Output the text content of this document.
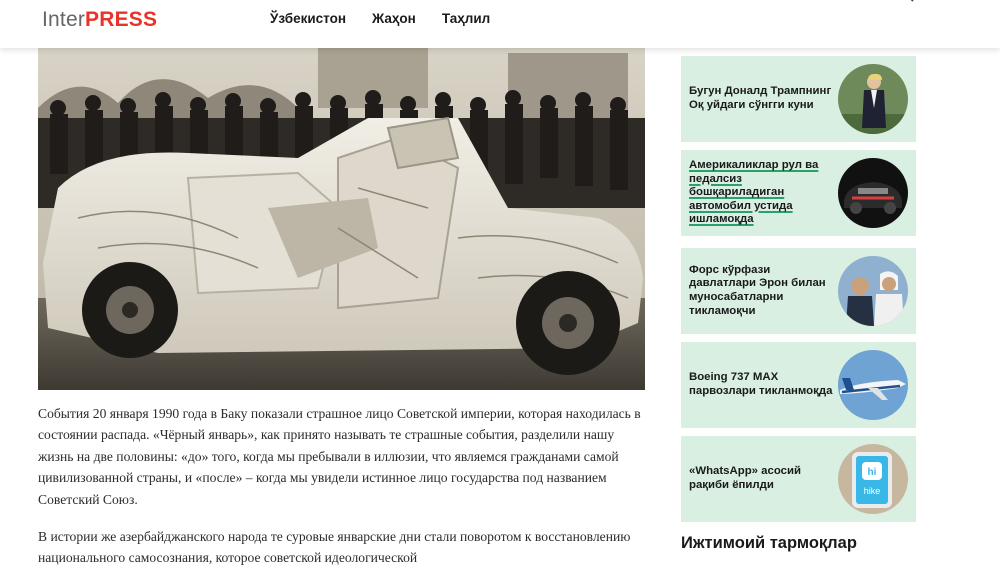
InterPRESS	Ўзбекистон Жаҳон Таҳлил

События 20 января 1990 года в Баку показали страшное лицо Советской империи, которая находилась в состоянии распада. «Чёрный январь», как принято называть те страшные события, разделили нашу жизнь на две половины: «до» того, когда мы пребывали в иллюзии, что являемся гражданами самой цивилизованной страны, и «после» – когда мы увидели истинное лицо государства под названием Советский Союз.

В истории же азербайджанского народа те суровые январские дни стали поворотом к восстановлению национального самосознания, которое советской идеологической

Бугун Доналд Трампнинг Оқ уйдаги сўнгги куни
Америкаликлар рул ва педалсиз бошқариладиган автомобил устида ишламоқда
Форс кўрфази давлатлари Эрон билан муносабатларни тикламоқчи
Boeing 737 MAX парвозлари тикланмоқда
«WhatsApp» асосий рақиби ёпилди
hi
hike
Ижтимоий тармоқлар
